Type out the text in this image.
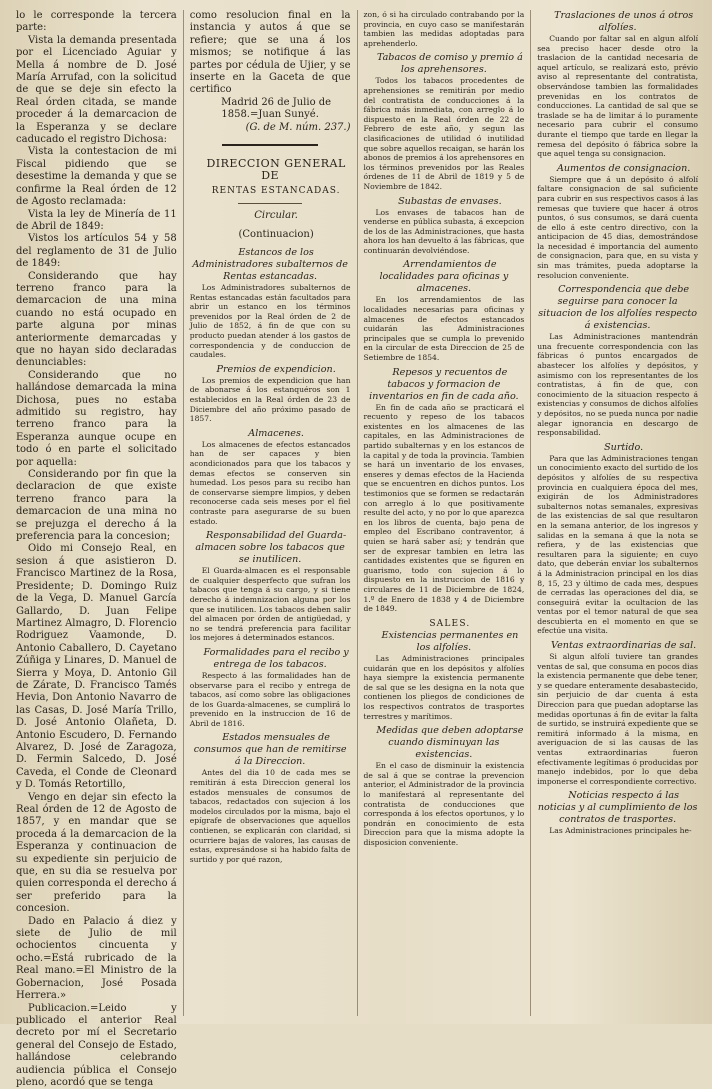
lo le corresponde la tercera parte:

Vista la demanda presentada por el Licenciado Aguiar y Mella á nombre de D. José María Arrufad, con la solicitud de que se deje sin efecto la Real órden citada, se mande proceder á la demarcacion de la Esperanza y se declare caducado el registro Dichosa:

Vista la contestacion de mi Fiscal pidiendo que se desestime la demanda y que se confirme la Real órden de 12 de Agosto reclamada:

Vista la ley de Minería de 11 de Abril de 1849:

Vistos los artículos 54 y 58 del reglamento de 31 de Julio de 1849:

Considerando que hay terreno franco para la demarcacion de una mina cuando no está ocupado en parte alguna por minas anteriormente demarcadas y que no hayan sido declaradas denunciables:

Considerando que no hallándose demarcada la mina Dichosa, pues no estaba admitido su registro, hay terreno franco para la Esperanza aunque ocupe en todo ó en parte el solicitado por aquella:

Considerando por fin que la declaracion de que existe terreno franco para la demarcacion de una mina no se prejuzga el derecho á la preferencia para la concesion;

Oido mi Consejo Real, en sesion á que asistieron D. Francisco Martinez de la Rosa, Presidente; D. Domingo Ruiz de la Vega, D. Manuel García Gallardo, D. Juan Felipe Martinez Almagro, D. Florencio Rodriguez Vaamonde, D. Antonio Caballero, D. Cayetano Zúñiga y Linares, D. Manuel de Sierra y Moya, D. Antonio Gil de Zárate, D. Francisco Tamés Hevia, Don Antonio Navarro de las Casas, D. José María Trillo, D. José Antonio Olañeta, D. Antonio Escudero, D. Fernando Alvarez, D. José de Zaragoza, D. Fermin Salcedo, D. José Caveda, el Conde de Cleonard y D. Tomás Retortillo,

Vengo en dejar sin efecto la Real órden de 12 de Agosto de 1857, y en mandar que se proceda á la demarcacion de la Esperanza y continuacion de su expediente sin perjuicio de que, en su dia se resuelva por quien corresponda el derecho á ser preferido para la concesion.

Dado en Palacio á diez y siete de Julio de mil ochocientos cincuenta y ocho.=Está rubricado de la Real mano.=El Ministro de la Gobernacion, José Posada Herrera.»

Publicacion.=Leido y publicado el anterior Real decreto por mí el Secretario general del Consejo de Estado, hallándose celebrando audiencia pública el Consejo pleno, acordó que se tenga

como resolucion final en la instancia y autos á que se refiere; que se una á los mismos; se notifique á las partes por cédula de Ujier, y se inserte en la Gaceta de que certifico

Madrid 26 de Julio de 1858.=Juan Sunyé.

(G. de M. núm. 237.)

DIRECCION GENERAL DE

RENTAS ESTANCADAS.

Circular.

(Continuacion)

Estancos de los Administradores subalternos de Rentas estancadas.

Los Administradores subalternos de Rentas estancadas están facultados para abrir un estanco en los términos prevenidos por la Real órden de 2 de Julio de 1852, á fin de que con su producto puedan atender á los gastos de correspondencia y de conduccion de caudales.

Premios de expendicion.

Los premios de expendicion que han de abonarse á los estanquéros son 1 establecidos en la Real órden de 23 de Diciembre del año próximo pasado de 1857.

Almacenes.

Los almacenes de efectos estancados han de ser capaces y bien acondicionados para que los tabacos y demas efectos se conserven sin humedad. Los pesos para su recibo han de conservarse siempre limpios, y deben reconocerse cada seis meses por el fiel contraste para asegurarse de su buen estado.

Responsabilidad del Guarda-almacen sobre los tabacos que se inutilicen.

El Guarda-almacen es el responsable de cualquier desperfecto que sufran los tabacos que tenga á su cargo, y si tiene derecho á indemnizacion alguna por los que se inutilicen. Los tabacos deben salir del almacen por órden de antigüedad, y no se tendrá preferencia para facilitar los mejores á determinados estancos.

Formalidades para el recibo y entrega de los tabacos.

Respecto á las formalidades han de observarse para el recibo y entrega de tabacos, así como sobre las obligaciones de los Guarda-almacenes, se cumplirá lo prevenido en la instruccion de 16 de Abril de 1816.

Estados mensuales de consumos que han de remitirse á la Direccion.

Antes del dia 10 de cada mes se remitirán á esta Direccion general los estados mensuales de consumos de tabacos, redactados con sujecion á los modelos circulados por la misma, bajo el epígrafe de observaciones que aquellos contienen, se explicarán con claridad, si ocurriere bajas de valores, las causas de estas, expresándose si ha habido falta de surtido y por qué razon,

zon, ó si ha circulado contrabando por la provincia, en cuyo caso se manifestarán tambien las medidas adoptadas para aprehenderlo.

Tabacos de comiso y premio á los aprehensores.

Todos los tabacos procedentes de aprehensiones se remitirán por medio del contratista de conducciones á la fábrica más inmediata, con arreglo á lo dispuesto en la Real órden de 22 de Febrero de este año, y segun las clasificaciones de utilidad ó inutilidad que sobre aquellos recaigan, se harán los abonos de premios á los aprehensores en los términos prevenidos por las Reales órdenes de 11 de Abril de 1819 y 5 de Noviembre de 1842.

Subastas de envases.

Los envases de tabacos han de venderse en pública subasta, á excepcion de los de las Administraciones, que hasta ahora los han devuelto á las fábricas, que continuarán devolviéndose.

Arrendamientos de localidades para oficinas y almacenes.

En los arrendamientos de las localidades necesarias para oficinas y almacenes de efectos estancados cuidarán las Administraciones principales que se cumpla lo prevenido en la circular de esta Direccion de 25 de Setiembre de 1854.

Repesos y recuentos de tabacos y formacion de inventarios en fin de cada año.

En fin de cada año se practicará el recuento y repeso de los tabacos existentes en los almacenes de las capitales, en las Administraciones de partido subalternas y en los estancos de la capital y de toda la provincia. Tambien se hará un inventario de los envases, enseres y demas efectos de la Hacienda que se encuentren en dichos puntos. Los testimonios que se formen se redactarán con arreglo á lo que positivamente resulte del acto, y no por lo que aparezca en los libros de cuenta, bajo pena de empleo del Escribano contraventor, á quien se hará saber así; y tendrán que ser de expresar tambien en letra las cantidades existentes que se figuren en guarismo, todo con sujecion á lo dispuesto en la instruccion de 1816 y circulares de 11 de Diciembre de 1824, 1.º de Enero de 1838 y 4 de Diciembre de 1849.

SALES.

Existencias permanentes en los alfolíes.

Las Administraciones principales cuidarán que en los depósitos y alfolíes haya siempre la existencia permanente de sal que se les designa en la nota que contienen los pliegos de condiciones de los respectivos contratos de trasportes terrestres y marítimos.

Medidas que deben adoptarse cuando disminuyan las existencias.

En el caso de disminuir la existencia de sal á que se contrae la prevencion anterior, el Administrador de la provincia lo manifestará al representante del contratista de conducciones que corresponda á los efectos oportunos, y lo pondrán en conocimiento de esta Direccion para que la misma adopte la disposicion conveniente.

Traslaciones de unos á otros alfolíes.

Cuando por faltar sal en algun alfolí sea preciso hacer desde otro la traslacion de la cantidad necesaria de aquel artículo, se realizará esto, prévio aviso al representante del contratista, observándose tambien las formalidades prevenidas en los contratos de conducciones. La cantidad de sal que se traslade se ha de limitar á lo puramente necesario para cubrir el consumo durante el tiempo que tarde en llegar la remesa del depósito ó fábrica sobre la que aquel tenga su consignacion.

Aumentos de consignacion.

Siempre que á un depósito ó alfolí faltare consignacion de sal suficiente para cubrir en sus respectivos casos á las remesas que tuviere que hacer á otros puntos, ó sus consumos, se dará cuenta de ello á este centro directivo, con la anticipacion de 45 dias, demostrándose la necesidad é importancia del aumento de consignacion, para que, en su vista y sin mas trámites, pueda adoptarse la resolucion conveniente.

Correspondencia que debe seguirse para conocer la situacion de los alfolíes respecto á existencias.

Las Administraciones mantendrán una frecuente correspondencia con las fábricas ó puntos encargados de abastecer los alfolíes y depósitos, y asimismo con los representantes de los contratistas, á fin de que, con conocimiento de la situacion respecto á existencias y consumos de dichos alfolíes y depósitos, no se pueda nunca por nadie alegar ignorancia en descargo de responsabilidad.

Surtido.

Para que las Administraciones tengan un conocimiento exacto del surtido de los depósitos y alfolíes de su respectiva provincia en cualquiera época del mes, exigirán de los Administradores subalternos notas semanales, expresivas de las existencias de sal que resultaron en la semana anterior, de los ingresos y salidas en la semana á que la nota se refiera, y de las existencias que resultaren para la siguiente; en cuyo dato, que deberán enviar los subalternos á la Administracion principal en los dias 8, 15, 23 y último de cada mes, despues de cerradas las operaciones del dia, se conseguirá evitar la ocultacion de las ventas por el temor natural de que sea descubierta en el momento en que se efectúe una visita.

Ventas extraordinarias de sal.

Si algun alfolí tuviere tan grandes ventas de sal, que consuma en pocos dias la existencia permanente que debe tener, y se quedare enteramente desabastecido, sin perjuicio de dar cuenta á esta Direccion para que puedan adoptarse las medidas oportunas á fin de evitar la falta de surtido, se instruirá expediente que se remitirá informado á la misma, en averiguacion de si las causas de las ventas extraordinarias fueron efectivamente legítimas ó producidas por manejo indebidos, por lo que deba imponerse el correspondiente correctivo.

Noticias respecto á las noticias y al cumplimiento de los contratos de trasportes.

Las Administraciones principales he-
